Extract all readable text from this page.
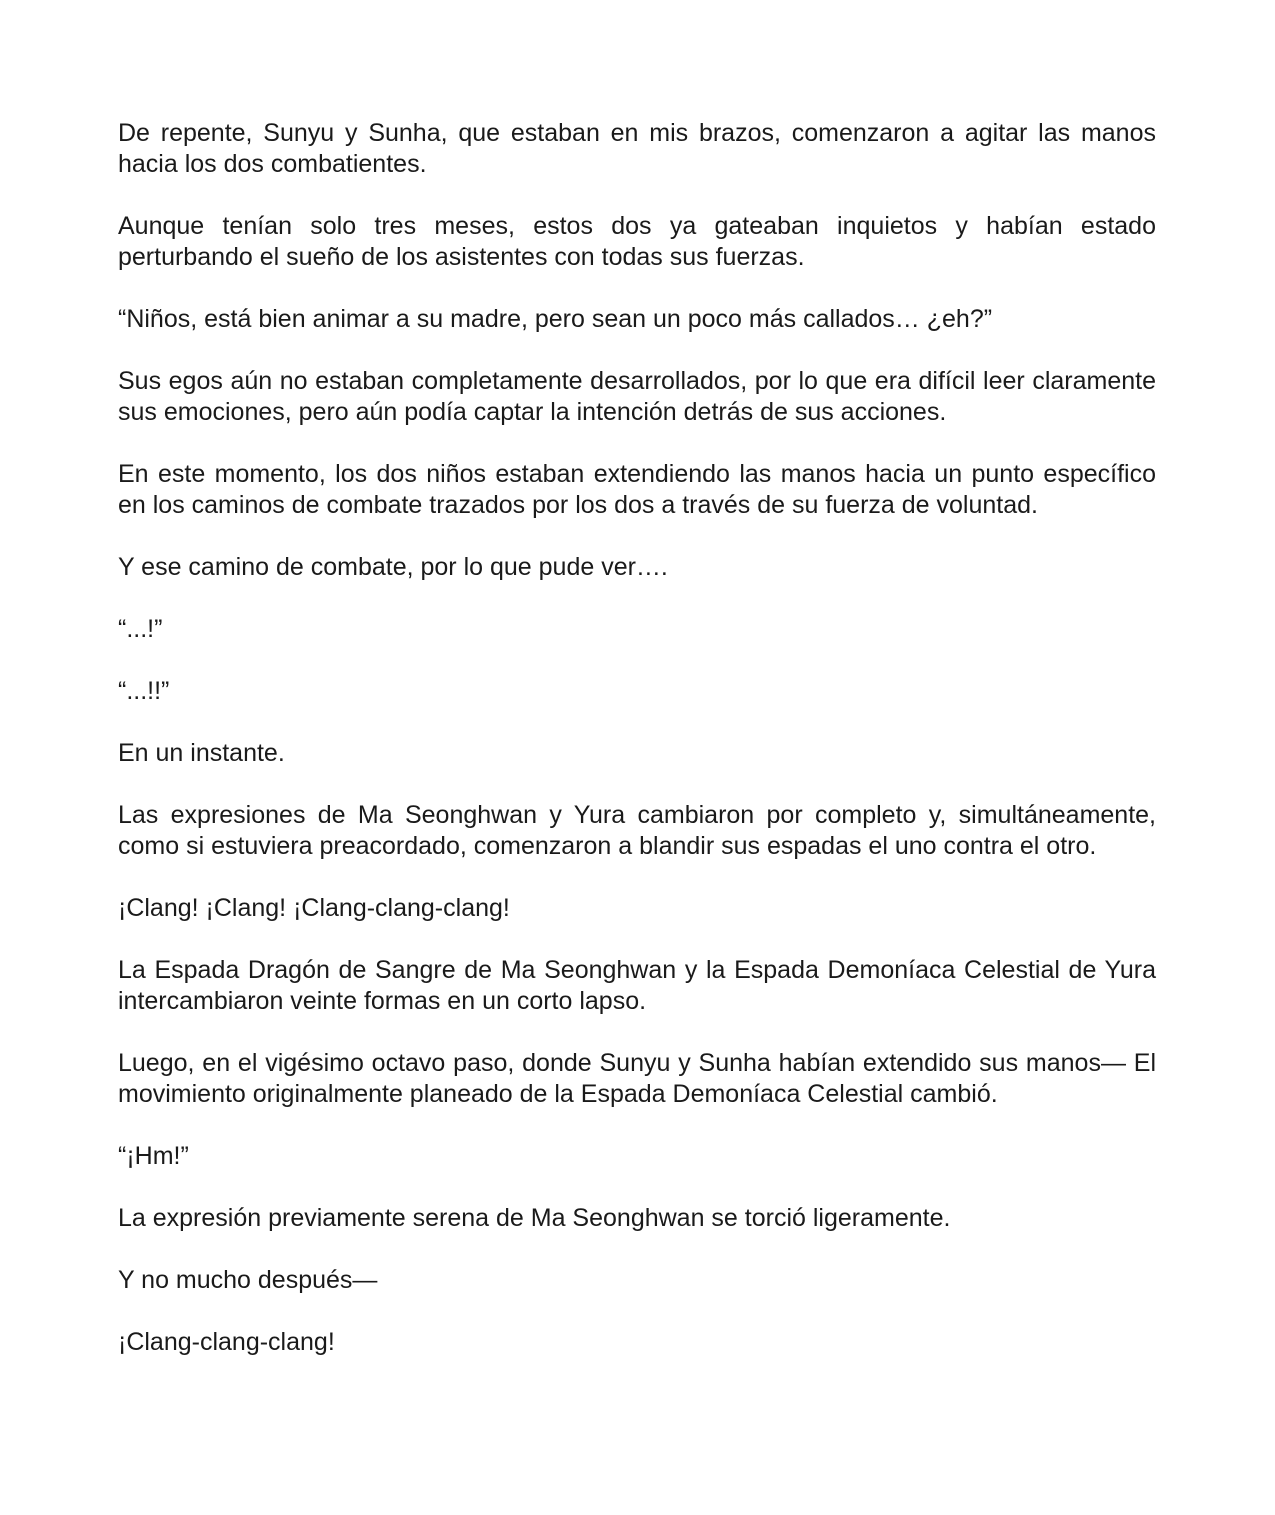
De repente, Sunyu y Sunha, que estaban en mis brazos, comenzaron a agitar las manos hacia los dos combatientes.

Aunque tenían solo tres meses, estos dos ya gateaban inquietos y habían estado perturbando el sueño de los asistentes con todas sus fuerzas.

“Niños, está bien animar a su madre, pero sean un poco más callados… ¿eh?”

Sus egos aún no estaban completamente desarrollados, por lo que era difícil leer claramente sus emociones, pero aún podía captar la intención detrás de sus acciones.

En este momento, los dos niños estaban extendiendo las manos hacia un punto específico en los caminos de combate trazados por los dos a través de su fuerza de voluntad.

Y ese camino de combate, por lo que pude ver….

“...!”

“...!!”

En un instante.

Las expresiones de Ma Seonghwan y Yura cambiaron por completo y, simultáneamente, como si estuviera preacordado, comenzaron a blandir sus espadas el uno contra el otro.

¡Clang! ¡Clang! ¡Clang-clang-clang!

La Espada Dragón de Sangre de Ma Seonghwan y la Espada Demoníaca Celestial de Yura intercambiaron veinte formas en un corto lapso.

Luego, en el vigésimo octavo paso, donde Sunyu y Sunha habían extendido sus manos— El movimiento originalmente planeado de la Espada Demoníaca Celestial cambió.

“¡Hm!”

La expresión previamente serena de Ma Seonghwan se torció ligeramente.

Y no mucho después—

¡Clang-clang-clang!
